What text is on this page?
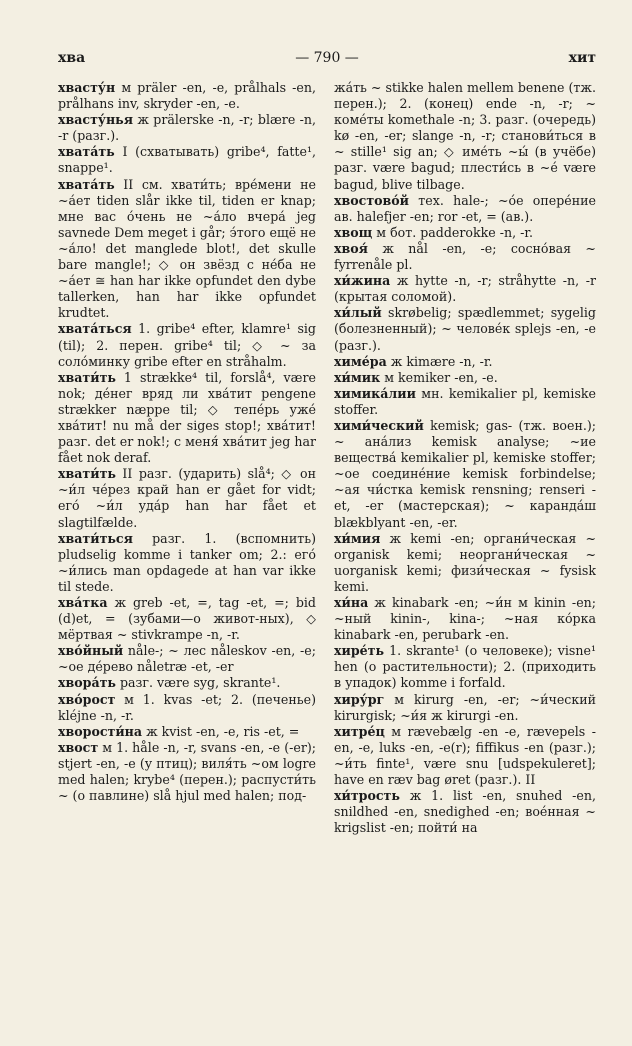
хва	— 790 —	хит

хвасту́н м präler -en, -e, prålhals -en, prålhans inv, skryder -en, -e.

хвасту́нья ж prälerske -n, -r; blære -n, -r (разг.).

хвата́ть I (схватывать) gribe⁴, fatte¹, snappe¹.

хвата́ть II см. хвати́ть; вре́мени не ~а́ет tiden slår ikke til, tiden er knap; мне вас о́чень не ~а́ло вчера́ jeg savnede Dem meget i går; э́того ещё не ~а́ло! det manglede blot!, det skulle bare mangle!; ◇ он звёзд с не́ба не ~а́ет ≅ han har ikke opfundet den dybe tallerken, han har ikke opfundet krudtet.

хвата́ться 1. gribe⁴ efter, klamre¹ sig (til); 2. перен. gribe⁴ til; ◇ ~ за соло́минку gribe efter en stråhalm.

хвати́ть 1 strække⁴ til, forslå⁴, være nok; де́нег вряд ли хва́тит pengene strækker næppe til; ◇ тепе́рь уже́ хва́тит! nu må der siges stop!; хва́тит! разг. det er nok!; с меня́ хва́тит jeg har fået nok deraf.

хвати́ть II разг. (ударить) slå⁴; ◇ он ~и́л че́рез край han er gået for vidt; его́ ~и́л уда́р han har fået et slagtilfælde.

хвати́ться разг. 1. (вспомнить) pludselig komme i tanker om; 2.: его́ ~и́лись man opdagede at han var ikke til stede.

хва́тка ж greb -et, =, tag -et, =; bid (d)et, = (зубами—о живот-ных), ◇ мёртвая ~ stivkrampe -n, -r.

хво́йный nåle-; ~ лес nåleskov -en, -e; ~ое де́рево nåletræ -et, -er

хвора́ть разг. være syg, skrante¹.

хво́рост м 1. kvas -et; 2. (печенье) kléjne -n, -r.

хворости́на ж kvist -en, -e, ris -et, =

хвост м 1. håle -n, -r, svans -en, -e (-er); stjert -en, -e (у птиц); виля́ть ~ом logre med halen; krybe⁴ (перен.); распусти́ть ~ (о павлине) slå hjul med halen; под-

жа́ть ~ stikke halen mellem benene (тж. перен.); 2. (конец) ende -n, -r; ~ коме́ты komethale -n; 3. разг. (очередь) kø -en, -er; slange -n, -r; станови́ться в ~ stille¹ sig an; ◇ име́ть ~ы́ (в учёбе) разг. være bagud; плести́сь в ~е́ være bagud, blive tilbage.

хвостово́й тех. hale-; ~о́е опере́ние ав. halefjer -en; ror -et, = (ав.).

хвощ м бот. padderokke -n, -r.

хвоя́ ж nål -en, -e; сосно́вая ~ fyrrenåle pl.

хи́жина ж hytte -n, -r; stråhytte -n, -r (крытая соломой).

хи́лый skrøbelig; spædlemmet; sygelig (болезненный); ~ челове́к splejs -en, -e (разг.).

химе́ра ж kimære -n, -r.

хи́мик м kemiker -en, -e.

химика́лии мн. kemikalier pl, kemiske stoffer.

хими́ческий kemisk; gas- (тж. воен.); ~ ана́лиз kemisk analyse; ~ие вещества́ kemikalier pl, kemiske stoffer; ~ое соедине́ние kemisk forbindelse; ~ая чи́стка kemisk rensning; renseri -et, -er (мастерская); ~ каранда́ш blækblyant -en, -er.

хи́мия ж kemi -en; органи́ческая ~ organisk kemi; неоргани́ческая ~ uorganisk kemi; физи́ческая ~ fysisk kemi.

хи́на ж kinabark -en; ~и́н м kinin -en; ~ный kinin-, kina-; ~ная ко́рка kinabark -en, perubark -en.

хире́ть 1. skrante¹ (о человеке); visne¹ hen (о растительности); 2. (приходить в упадок) komme i forfald.

хиру́рг м kirurg -en, -er; ~и́ческий kirurgisk; ~и́я ж kirurgi -en.

хитре́ц м rævebælg -en -e, rævepels -en, -e, luks -en, -e(r); fiffikus -en (разг.); ~и́ть finte¹, være snu [udspekuleret]; have en ræv bag øret (разг.). II

хи́трость ж 1. list -en, snuhed -en, snildhed -en, snedighed -en; вое́нная ~ krigslist -en; пойти́ на
